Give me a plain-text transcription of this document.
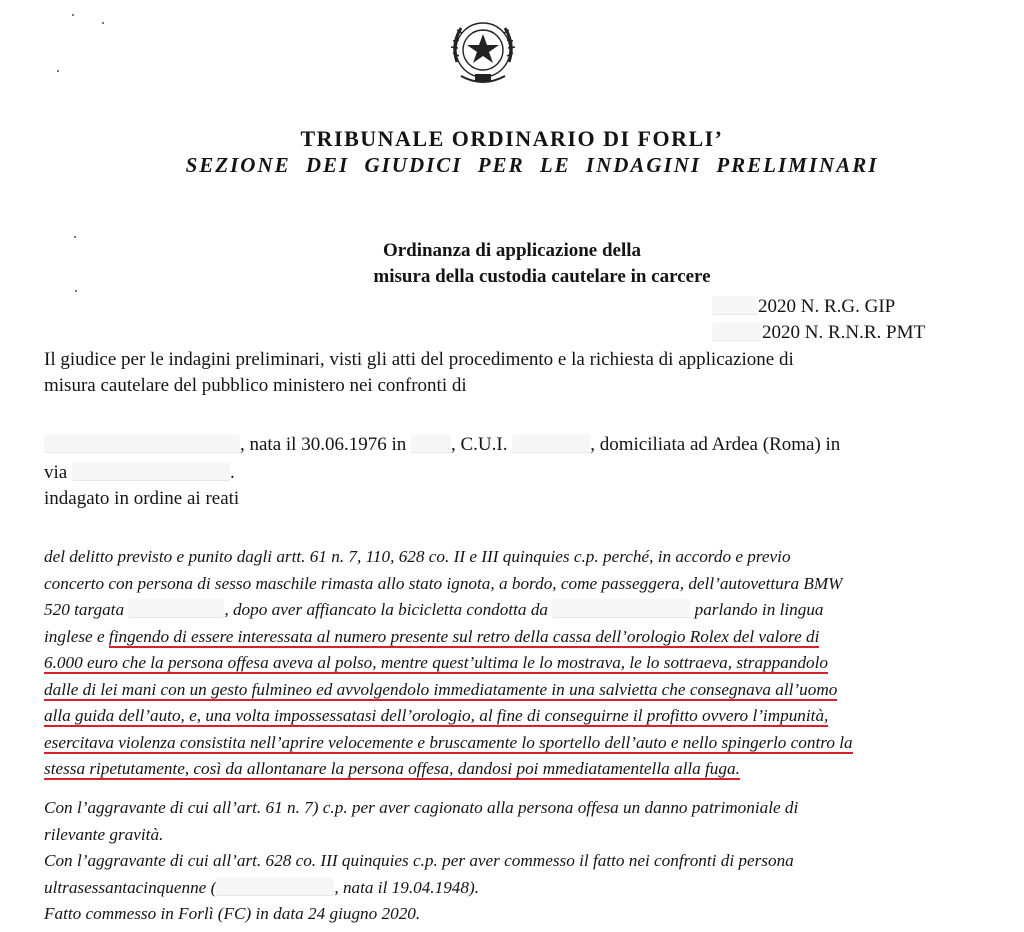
TRIBUNALE ORDINARIO DI FORLI’
SEZIONE DEI GIUDICI PER LE INDAGINI PRELIMINARI
Ordinanza di applicazione della
misura della custodia cautelare in carcere
2020 N. R.G. GIP
2020 N. R.N.R. PMT
Il giudice per le indagini preliminari, visti gli atti del procedimento e la richiesta di applicazione di
misura cautelare del pubblico ministero nei confronti di
, nata il 30.06.1976 in , C.U.I.	, domiciliata ad Ardea (Roma) in
via	.
indagato in ordine ai reati
del delitto previsto e punito dagli artt. 61 n. 7, 110, 628 co. II e III quinquies c.p. perché, in accordo e previo
concerto con persona di sesso maschile rimasta allo stato ignota, a bordo, come passeggera, dell’autovettura BMW
520 targata	, dopo aver affiancato la bicicletta condotta da	parlando in lingua
inglese e fingendo di essere interessata al numero presente sul retro della cassa dell’orologio Rolex del valore di
6.000 euro che la persona offesa aveva al polso, mentre quest’ultima le lo mostrava, le lo sottraeva, strappandolo
dalle di lei mani con un gesto fulmineo ed avvolgendolo immediatamente in una salvietta che consegnava all’uomo
alla guida dell’auto, e, una volta impossessatasi dell’orologio, al fine di conseguirne il profitto ovvero l’impunità,
esercitava violenza consistita nell’aprire velocemente e bruscamente lo sportello dell’auto e nello spingerlo contro la
stessa ripetutamente, così da allontanare la persona offesa, dandosi poi mmediatamentella alla fuga.
Con l’aggravante di cui all’art. 61 n. 7) c.p. per aver cagionato alla persona offesa un danno patrimoniale di
rilevante gravità.
Con l’aggravante di cui all’art. 628 co. III quinquies c.p. per aver commesso il fatto nei confronti di persona
ultrasessantacinquenne (	, nata il 19.04.1948).
Fatto commesso in Forlì (FC) in data 24 giugno 2020.
